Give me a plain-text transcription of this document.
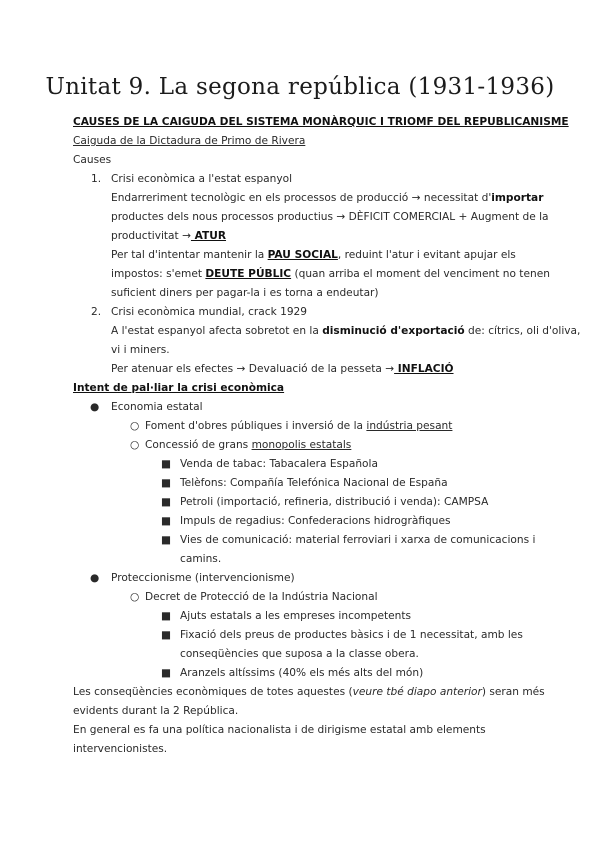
Unitat 9. La segona república (1931-1936)
CAUSES DE LA CAIGUDA DEL SISTEMA MONÀRQUIC I TRIOMF DEL REPUBLICANISME
Caiguda de la Dictadura de Primo de Rivera
Causes
1. Crisi econòmica a l'estat espanyol
Endarreriment tecnològic en els processos de producció → necessitat d'importar
productes dels nous processos productius → DÈFICIT COMERCIAL + Augment de la
productivitat → ATUR
Per tal d'intentar mantenir la PAU SOCIAL, reduint l'atur i evitant apujar els
impostos: s'emet DEUTE PÚBLIC (quan arriba el moment del venciment no tenen
suficient diners per pagar-la i es torna a endeutar)
2. Crisi econòmica mundial, crack 1929
A l'estat espanyol afecta sobretot en la disminució d'exportació de: cítrics, oli d'oliva,
vi i miners.
Per atenuar els efectes → Devaluació de la pesseta → INFLACIÓ
Intent de pal·liar la crisi econòmica
● Economia estatal
○ Foment d'obres públiques i inversió de la indústria pesant
○ Concessió de grans monopolis estatals
■ Venda de tabac: Tabacalera Española
■ Telèfons: Compañía Telefónica Nacional de España
■ Petroli (importació, refineria, distribució i venda): CAMPSA
■ Impuls de regadius: Confederacions hidrogràfiques
■ Vies de comunicació: material ferroviari i xarxa de comunicacions i
camins.
● Proteccionisme (intervencionisme)
○ Decret de Protecció de la Indústria Nacional
■ Ajuts estatals a les empreses incompetents
■ Fixació dels preus de productes bàsics i de 1 necessitat, amb les
conseqüències que suposa a la classe obera.
■ Aranzels altíssims (40% els més alts del món)
Les conseqüències econòmiques de totes aquestes (veure tbé diapo anterior) seran més
evidents durant la 2 República.
En general es fa una política nacionalista i de dirigisme estatal amb elements
intervencionistes.
